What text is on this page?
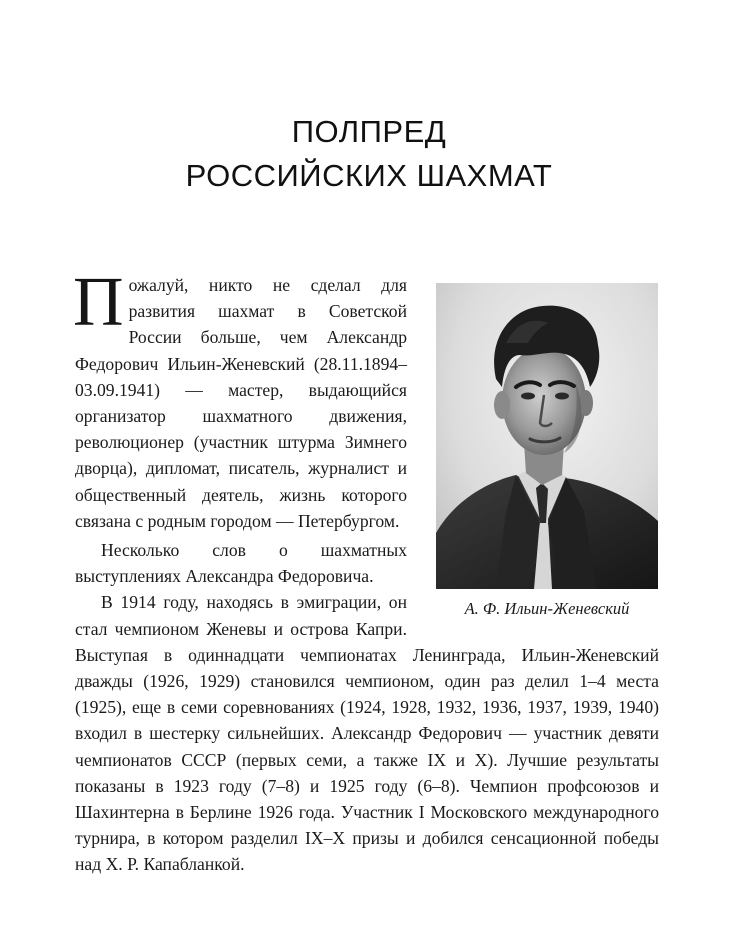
ПОЛПРЕД
РОССИЙСКИХ ШАХМАТ
А. Ф. Ильин-Женевский

Пожалуй, никто не сделал для развития шахмат в Советской России больше, чем Александр Федорович Ильин-Женевский (28.11.1894–03.09.1941) — мастер, выдающийся организатор шахматного движения, революционер (участник штурма Зимнего дворца), дипломат, писатель, журналист и общественный деятель, жизнь которого связана с родным городом — Петербургом.

Несколько слов о шахматных выступлениях Александра Федоровича.

В 1914 году, находясь в эмиграции, он стал чемпионом Женевы и острова Капри. Выступая в одиннадцати чемпионатах Ленинграда, Ильин-Женевский дважды (1926, 1929) становился чемпионом, один раз делил 1–4 места (1925), еще в семи соревнованиях (1924, 1928, 1932, 1936, 1937, 1939, 1940) входил в шестерку сильнейших. Александр Федорович — участник девяти чемпионатов СССР (первых семи, а также IX и X). Лучшие результаты показаны в 1923 году (7–8) и 1925 году (6–8). Чемпион профсоюзов и Шахинтерна в Берлине 1926 года. Участник I Московского международного турнира, в котором разделил IX–X призы и добился сенсационной победы над Х. Р. Капабланкой.
